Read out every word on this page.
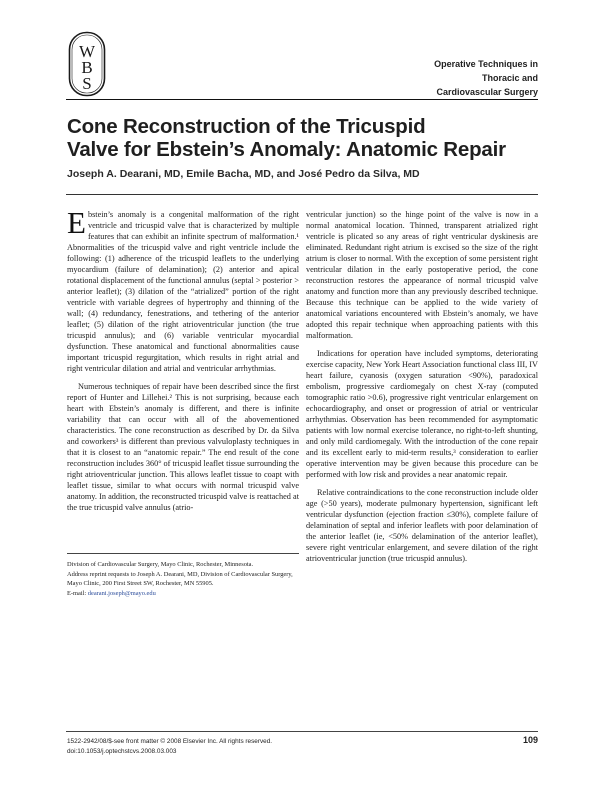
W
B
S
Operative Techniques in
Thoracic and
Cardiovascular Surgery
Cone Reconstruction of the Tricuspid
Valve for Ebstein’s Anomaly: Anatomic Repair
Joseph A. Dearani, MD, Emile Bacha, MD, and José Pedro da Silva, MD

Ebstein’s anomaly is a congenital malformation of the right ventricle and tricuspid valve that is characterized by multiple features that can exhibit an infinite spectrum of malformation.¹ Abnormalities of the tricuspid valve and right ventricle include the following: (1) adherence of the tricuspid leaflets to the underlying myocardium (failure of delamination); (2) anterior and apical rotational displacement of the functional annulus (septal > posterior > anterior leaflet); (3) dilation of the “atrialized” portion of the right ventricle with variable degrees of hypertrophy and thinning of the wall; (4) redundancy, fenestrations, and tethering of the anterior leaflet; (5) dilation of the right atrioventricular junction (the true tricuspid annulus); and (6) variable ventricular myocardial dysfunction. These anatomical and functional abnormalities cause important tricuspid regurgitation, which results in right atrial and right ventricular dilation and atrial and ventricular arrhythmias.

Numerous techniques of repair have been described since the first report of Hunter and Lillehei.² This is not surprising, because each heart with Ebstein’s anomaly is different, and there is infinite variability that can occur with all of the abovementioned characteristics. The cone reconstruction as described by Dr. da Silva and coworkers³ is different than previous valvuloplasty techniques in that it is closest to an “anatomic repair.” The end result of the cone reconstruction includes 360° of tricuspid leaflet tissue surrounding the right atrioventricular junction. This allows leaflet tissue to coapt with leaflet tissue, similar to what occurs with normal tricuspid valve anatomy. In addition, the reconstructed tricuspid valve is reattached at the true tricuspid valve annulus (atrio-

ventricular junction) so the hinge point of the valve is now in a normal anatomical location. Thinned, transparent atrialized right ventricle is plicated so any areas of right ventricular dyskinesis are eliminated. Redundant right atrium is excised so the size of the right atrium is closer to normal. With the exception of some persistent right ventricular dilation in the early postoperative period, the cone reconstruction restores the appearance of normal tricuspid valve anatomy and function more than any previously described technique. Because this technique can be applied to the wide variety of anatomical variations encountered with Ebstein’s anomaly, we have adopted this repair technique when approaching patients with this malformation.

Indications for operation have included symptoms, deteriorating exercise capacity, New York Heart Association functional class III, IV heart failure, cyanosis (oxygen saturation <90%), paradoxical embolism, progressive cardiomegaly on chest X-ray (computed tomographic ratio >0.6), progressive right ventricular enlargement on echocardiography, and onset or progression of atrial or ventricular arrhythmias. Observation has been recommended for asymptomatic patients with low normal exercise tolerance, no right-to-left shunting, and only mild cardiomegaly. With the introduction of the cone repair and its excellent early to mid-term results,³ consideration to earlier operative intervention may be given because this procedure can be performed with low risk and provides a near anatomic repair.

Relative contraindications to the cone reconstruction include older age (>50 years), moderate pulmonary hypertension, significant left ventricular dysfunction (ejection fraction ≤30%), complete failure of delamination of septal and inferior leaflets with poor delamination of the anterior leaflet (ie, <50% delamination of the anterior leaflet), severe right ventricular enlargement, and severe dilation of the right atrioventricular junction (true tricuspid annulus).

Division of Cardiovascular Surgery, Mayo Clinic, Rochester, Minnesota.
Address reprint requests to Joseph A. Dearani, MD, Division of Cardiovascular Surgery, Mayo Clinic, 200 First Street SW, Rochester, MN 55905.
E-mail: dearani.joseph@mayo.edu
1522-2942/08/$-see front matter © 2008 Elsevier Inc. All rights reserved.
doi:10.1053/j.optechstcvs.2008.03.003
109
